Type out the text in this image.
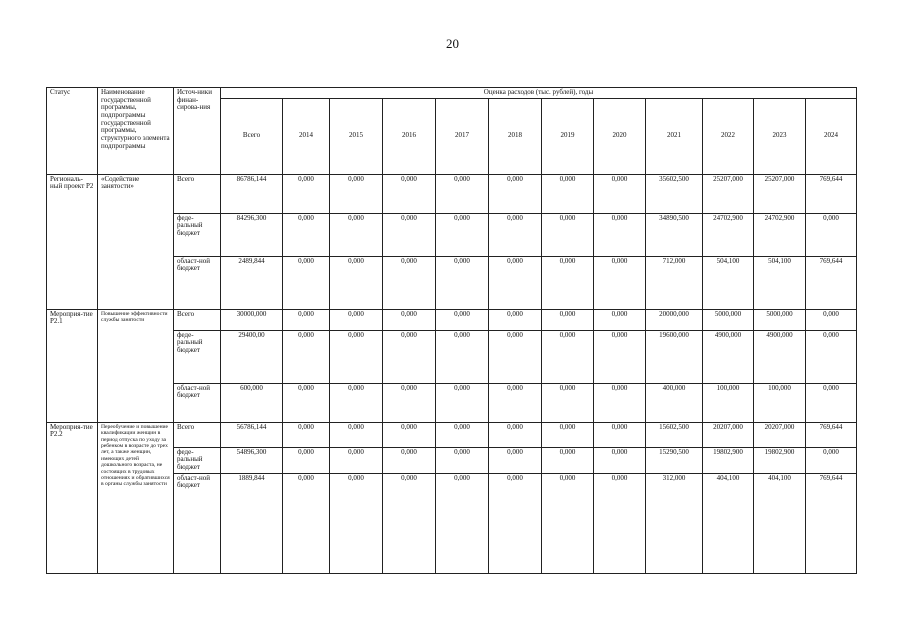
20
Статус	Наименование государственной программы, подпрограммы государственной программы, структурного элемента подпрограммы	Источ-ники финан-сирова-ния	Оценка расходов (тыс. рублей), годы											
			Всего	2014	2015	2016	2017	2018	2019	2020	2021	2022	2023	2024
Региональ-ный проект Р2	«Содействие занятости»	Всего	86786,144	0,000	0,000	0,000	0,000	0,000	0,000	0,000	35602,500	25207,000	25207,000	769,644
		феде-ральный бюджет	84296,300	0,000	0,000	0,000	0,000	0,000	0,000	0,000	34890,500	24702,900	24702,900	0,000
		област-ной бюджет	2489,844	0,000	0,000	0,000	0,000	0,000	0,000	0,000	712,000	504,100	504,100	769,644
Мероприя-тие Р2.1	Повышение эффективности службы занятости	Всего	30000,000	0,000	0,000	0,000	0,000	0,000	0,000	0,000	20000,000	5000,000	5000,000	0,000
		феде-ральный бюджет	29400,00	0,000	0,000	0,000	0,000	0,000	0,000	0,000	19600,000	4900,000	4900,000	0,000
		област-ной бюджет	600,000	0,000	0,000	0,000	0,000	0,000	0,000	0,000	400,000	100,000	100,000	0,000
Мероприя-тие Р2.2	Переобучение и повышение квалификации женщин в период отпуска по уходу за ребенком в возрасте до трех лет, а также женщин, имеющих детей дошкольного возраста, не состоящих в трудовых отношениях и обратившихся в органы службы занятости	Всего	56786,144	0,000	0,000	0,000	0,000	0,000	0,000	0,000	15602,500	20207,000	20207,000	769,644
		феде-ральный бюджет	54896,300	0,000	0,000	0,000	0,000	0,000	0,000	0,000	15290,500	19802,900	19802,900	0,000
		област-ной бюджет	1889,844	0,000	0,000	0,000	0,000	0,000	0,000	0,000	312,000	404,100	404,100	769,644
